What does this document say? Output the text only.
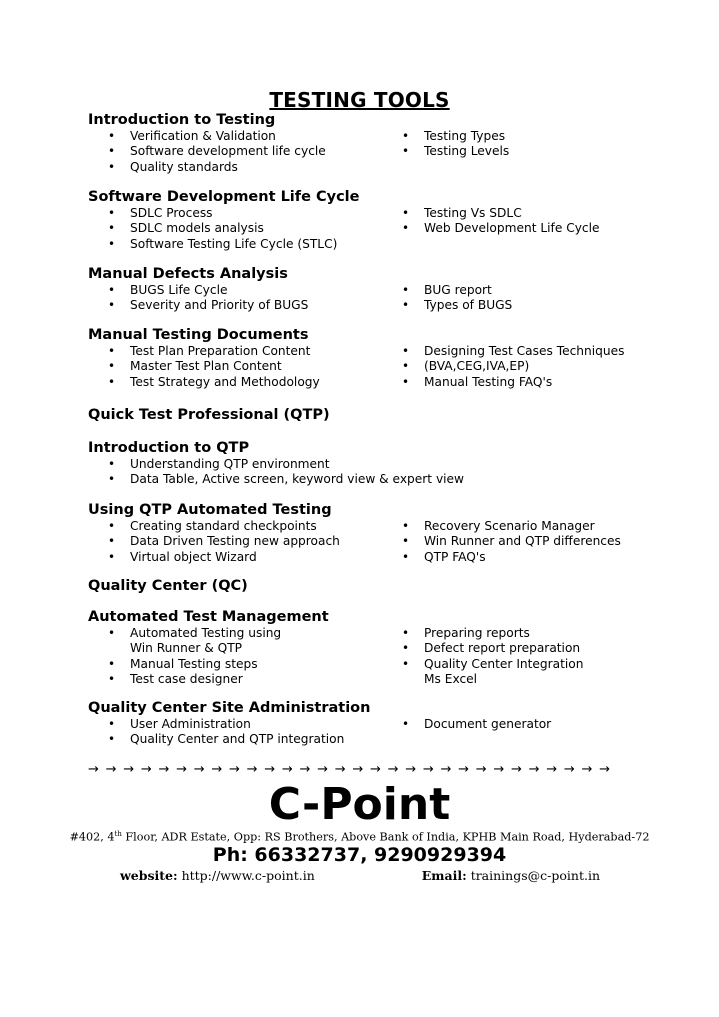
TESTING TOOLS
Introduction to Testing
• Verification & Validation
• Software development life cycle
• Quality standards
• Testing Types
• Testing Levels
Software Development Life Cycle
• SDLC Process
• SDLC models analysis
• Software Testing Life Cycle (STLC)
• Testing Vs SDLC
• Web Development Life Cycle
Manual Defects Analysis
• BUGS Life Cycle
• Severity and Priority of BUGS
• BUG report
• Types of BUGS
Manual Testing Documents
• Test Plan Preparation Content
• Master Test Plan Content
• Test Strategy and Methodology
• Designing Test Cases Techniques
• (BVA,CEG,IVA,EP)
• Manual Testing FAQ's
Quick Test Professional (QTP)
Introduction to QTP
• Understanding QTP environment
• Data Table, Active screen, keyword view & expert view
Using QTP Automated Testing
• Creating standard checkpoints
• Data Driven Testing new approach
• Virtual object Wizard
• Recovery Scenario Manager
• Win Runner and QTP differences
• QTP FAQ's
Quality Center (QC)
Automated Test Management
• Automated Testing using Win Runner & QTP
• Manual Testing steps
• Test case designer
• Preparing reports
• Defect report preparation
• Quality Center Integration Ms Excel
Quality Center Site Administration
• User Administration
• Quality Center and QTP integration
• Document generator
→ → → → → → → → → → → → → → → → → → → → → → → → → → → → → →
C-Point
#402, 4th Floor, ADR Estate, Opp: RS Brothers, Above Bank of India, KPHB Main Road, Hyderabad-72
Ph: 66332737, 9290929394
website: http://www.c-point.in	Email: trainings@c-point.in
